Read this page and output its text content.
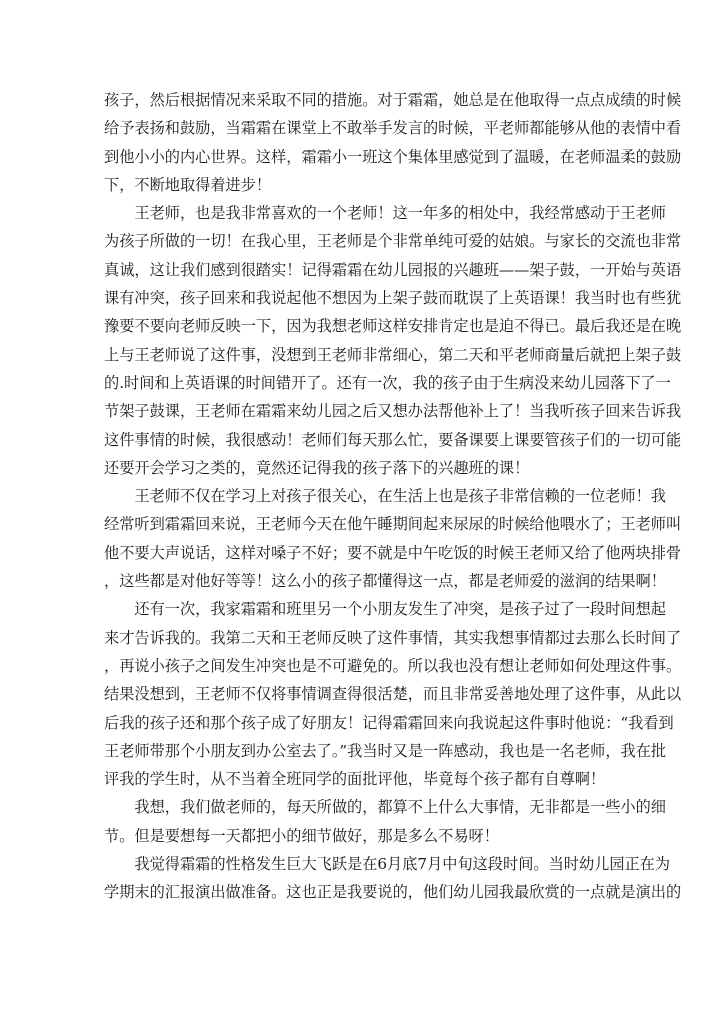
孩子，然后根据情况来采取不同的措施。对于霜霜，她总是在他取得一点点成绩的时候
给予表扬和鼓励，当霜霜在课堂上不敢举手发言的时候，平老师都能够从他的表情中看
到他小小的内心世界。这样，霜霜小一班这个集体里感觉到了温暖，在老师温柔的鼓励
下，不断地取得着进步！

　　王老师，也是我非常喜欢的一个老师！这一年多的相处中，我经常感动于王老师
为孩子所做的一切！在我心里，王老师是个非常单纯可爱的姑娘。与家长的交流也非常
真诚，这让我们感到很踏实！记得霜霜在幼儿园报的兴趣班——架子鼓，一开始与英语
课有冲突，孩子回来和我说起他不想因为上架子鼓而耽误了上英语课！我当时也有些犹
豫要不要向老师反映一下，因为我想老师这样安排肯定也是迫不得已。最后我还是在晚
上与王老师说了这件事，没想到王老师非常细心，第二天和平老师商量后就把上架子鼓
的.时间和上英语课的时间错开了。还有一次，我的孩子由于生病没来幼儿园落下了一
节架子鼓课，王老师在霜霜来幼儿园之后又想办法帮他补上了！当我听孩子回来告诉我
这件事情的时候，我很感动！老师们每天那么忙，要备课要上课要管孩子们的一切可能
还要开会学习之类的，竟然还记得我的孩子落下的兴趣班的课！

　　王老师不仅在学习上对孩子很关心，在生活上也是孩子非常信赖的一位老师！我
经常听到霜霜回来说，王老师今天在他午睡期间起来尿尿的时候给他喂水了；王老师叫
他不要大声说话，这样对嗓子不好；要不就是中午吃饭的时候王老师又给了他两块排骨
，这些都是对他好等等！这么小的孩子都懂得这一点，都是老师爱的滋润的结果啊！

　　还有一次，我家霜霜和班里另一个小朋友发生了冲突，是孩子过了一段时间想起
来才告诉我的。我第二天和王老师反映了这件事情，其实我想事情都过去那么长时间了
，再说小孩子之间发生冲突也是不可避免的。所以我也没有想让老师如何处理这件事。
结果没想到，王老师不仅将事情调查得很活楚，而且非常妥善地处理了这件事，从此以
后我的孩子还和那个孩子成了好朋友！记得霜霜回来向我说起这件事时他说：“我看到
王老师带那个小朋友到办公室去了。”我当时又是一阵感动，我也是一名老师，我在批
评我的学生时，从不当着全班同学的面批评他，毕竟每个孩子都有自尊啊！

　　我想，我们做老师的，每天所做的，都算不上什么大事情，无非都是一些小的细
节。但是要想每一天都把小的细节做好，那是多么不易呀！

　　我觉得霜霜的性格发生巨大飞跃是在6月底7月中旬这段时间。当时幼儿园正在为
学期末的汇报演出做准备。这也正是我要说的，他们幼儿园我最欣赏的一点就是演出的
